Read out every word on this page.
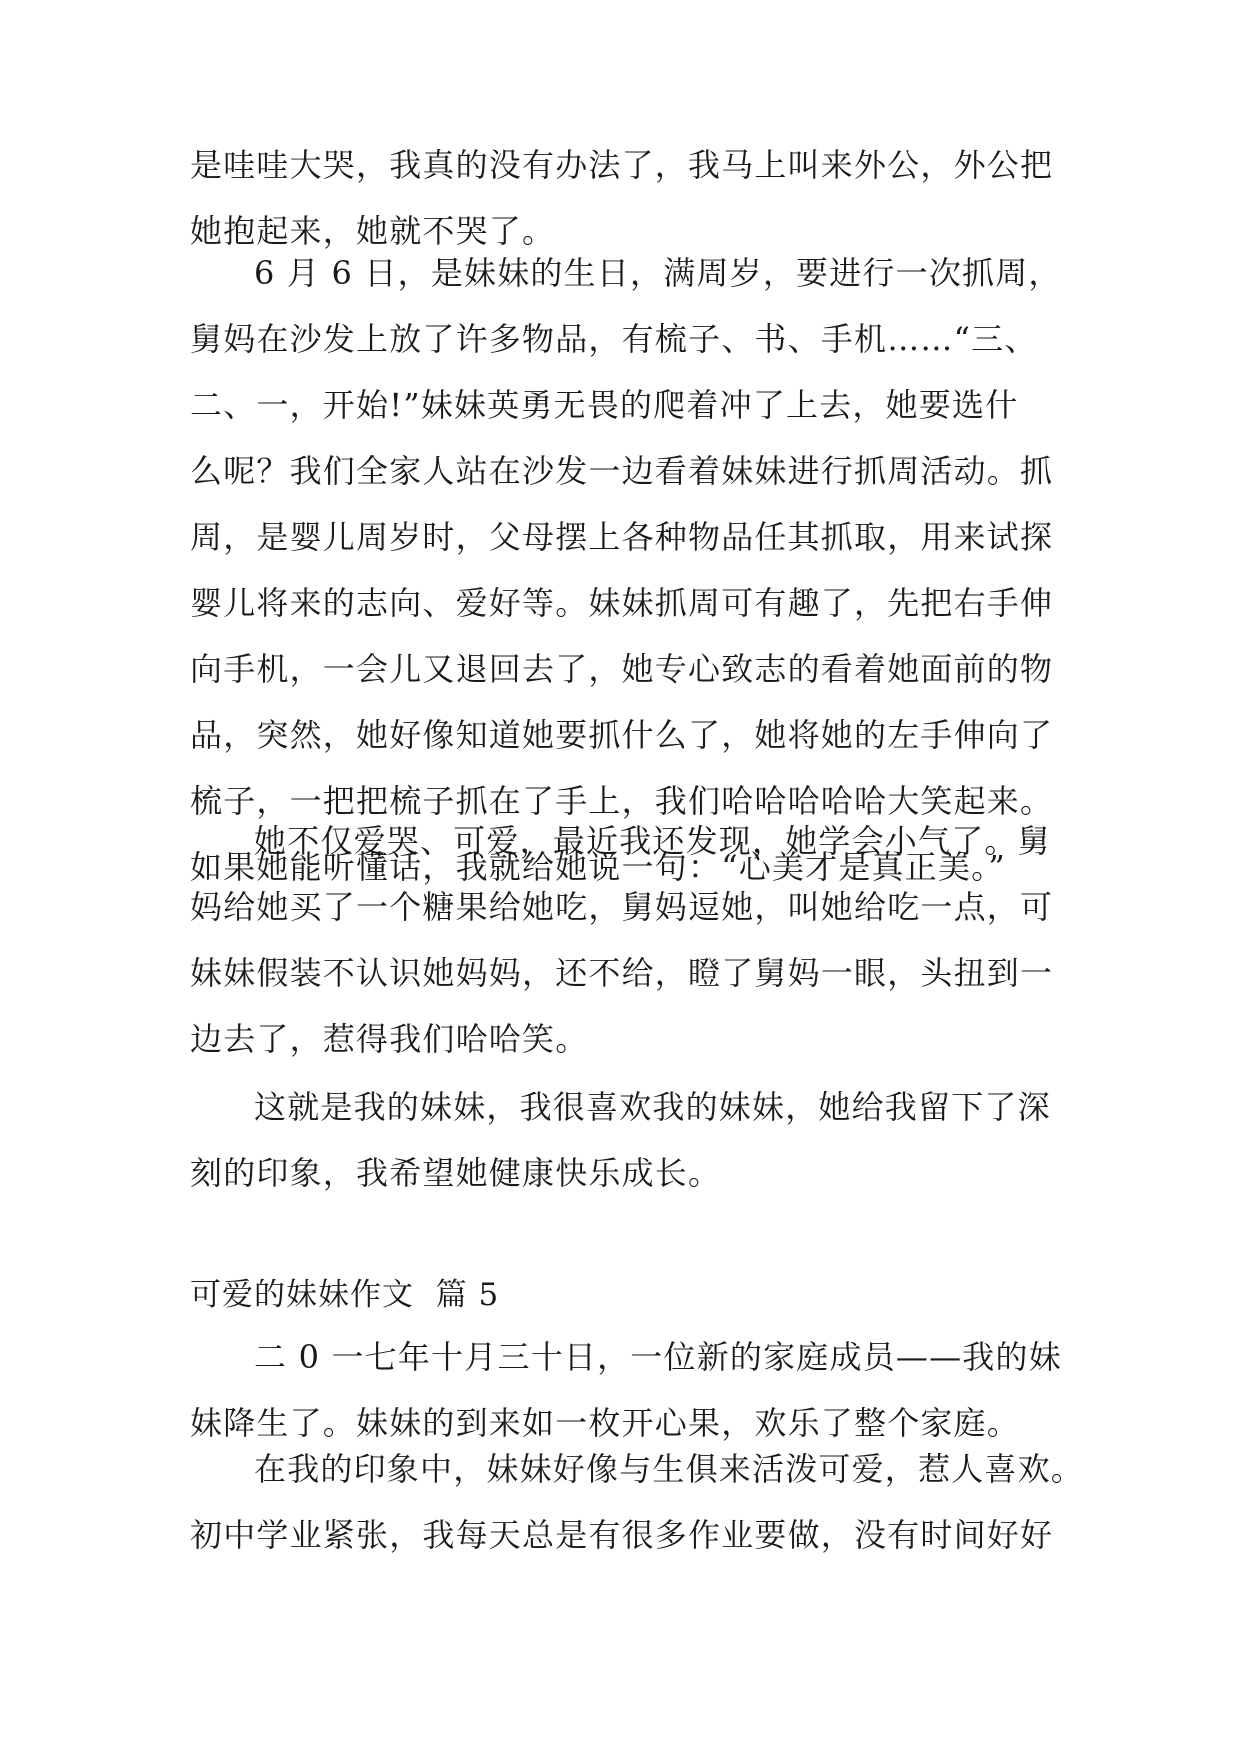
是哇哇大哭，我真的没有办法了，我马上叫来外公，外公把
她抱起来，她就不哭了。
6 月 6 日，是妹妹的生日，满周岁，要进行一次抓周，
舅妈在沙发上放了许多物品，有梳子、书、手机……“三、
二、一，开始!”妹妹英勇无畏的爬着冲了上去，她要选什
么呢？我们全家人站在沙发一边看着妹妹进行抓周活动。抓
周，是婴儿周岁时，父母摆上各种物品任其抓取，用来试探
婴儿将来的志向、爱好等。妹妹抓周可有趣了，先把右手伸
向手机，一会儿又退回去了，她专心致志的看着她面前的物
品，突然，她好像知道她要抓什么了，她将她的左手伸向了
梳子，一把把梳子抓在了手上，我们哈哈哈哈哈大笑起来。
如果她能听懂话，我就给她说一句：“心美才是真正美。”
她不仅爱哭、可爱，最近我还发现，她学会小气了。舅
妈给她买了一个糖果给她吃，舅妈逗她，叫她给吃一点，可
妹妹假装不认识她妈妈，还不给，瞪了舅妈一眼，头扭到一
边去了，惹得我们哈哈笑。
这就是我的妹妹，我很喜欢我的妹妹，她给我留下了深
刻的印象，我希望她健康快乐成长。
可爱的妹妹作文  篇 5
二 0 一七年十月三十日，一位新的家庭成员——我的妹
妹降生了。妹妹的到来如一枚开心果，欢乐了整个家庭。
在我的印象中，妹妹好像与生俱来活泼可爱，惹人喜欢。
初中学业紧张，我每天总是有很多作业要做，没有时间好好
